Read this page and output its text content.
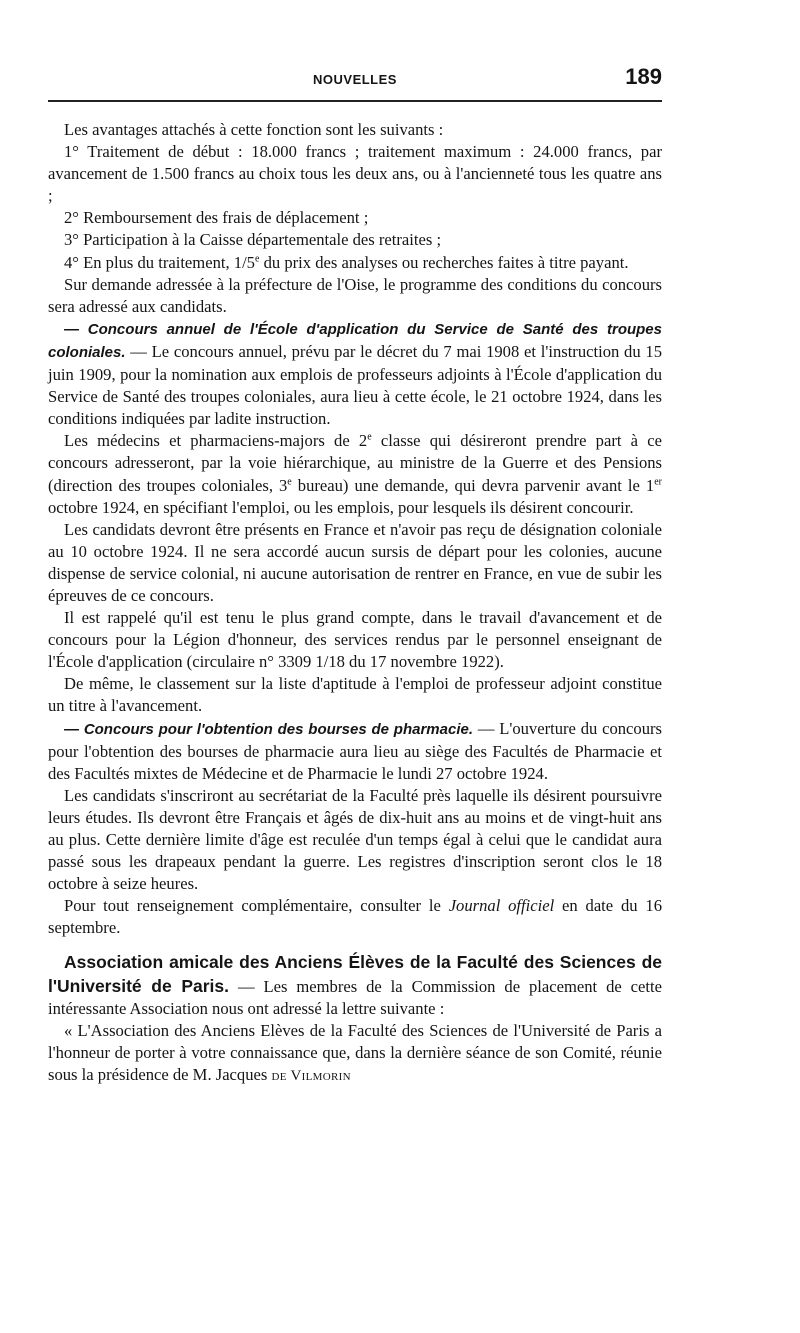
NOUVELLES	189

Les avantages attachés à cette fonction sont les suivants :

1° Traitement de début : 18.000 francs ; traitement maximum : 24.000 francs, par avancement de 1.500 francs au choix tous les deux ans, ou à l'ancienneté tous les quatre ans ;

2° Remboursement des frais de déplacement ;

3° Participation à la Caisse départementale des retraites ;

4° En plus du traitement, 1/5e du prix des analyses ou recherches faites à titre payant.

Sur demande adressée à la préfecture de l'Oise, le programme des conditions du concours sera adressé aux candidats.

— Concours annuel de l'École d'application du Service de Santé des troupes coloniales. — Le concours annuel, prévu par le décret du 7 mai 1908 et l'instruction du 15 juin 1909, pour la nomination aux emplois de professeurs adjoints à l'École d'application du Service de Santé des troupes coloniales, aura lieu à cette école, le 21 octobre 1924, dans les conditions indiquées par ladite instruction.

Les médecins et pharmaciens-majors de 2e classe qui désireront prendre part à ce concours adresseront, par la voie hiérarchique, au ministre de la Guerre et des Pensions (direction des troupes coloniales, 3e bureau) une demande, qui devra parvenir avant le 1er octobre 1924, en spécifiant l'emploi, ou les emplois, pour lesquels ils désirent concourir.

Les candidats devront être présents en France et n'avoir pas reçu de désignation coloniale au 10 octobre 1924. Il ne sera accordé aucun sursis de départ pour les colonies, aucune dispense de service colonial, ni aucune autorisation de rentrer en France, en vue de subir les épreuves de ce concours.

Il est rappelé qu'il est tenu le plus grand compte, dans le travail d'avancement et de concours pour la Légion d'honneur, des services rendus par le personnel enseignant de l'École d'application (circulaire n° 3309 1/18 du 17 novembre 1922).

De même, le classement sur la liste d'aptitude à l'emploi de professeur adjoint constitue un titre à l'avancement.

— Concours pour l'obtention des bourses de pharmacie. — L'ouverture du concours pour l'obtention des bourses de pharmacie aura lieu au siège des Facultés de Pharmacie et des Facultés mixtes de Médecine et de Pharmacie le lundi 27 octobre 1924.

Les candidats s'inscriront au secrétariat de la Faculté près laquelle ils désirent poursuivre leurs études. Ils devront être Français et âgés de dix-huit ans au moins et de vingt-huit ans au plus. Cette dernière limite d'âge est reculée d'un temps égal à celui que le candidat aura passé sous les drapeaux pendant la guerre. Les registres d'inscription seront clos le 18 octobre à seize heures.

Pour tout renseignement complémentaire, consulter le Journal officiel en date du 16 septembre.

Association amicale des Anciens Élèves de la Faculté des Sciences de l'Université de Paris. — Les membres de la Commission de placement de cette intéressante Association nous ont adressé la lettre suivante :

« L'Association des Anciens Elèves de la Faculté des Sciences de l'Université de Paris a l'honneur de porter à votre connaissance que, dans la dernière séance de son Comité, réunie sous la présidence de M. Jacques de Vilmorin
